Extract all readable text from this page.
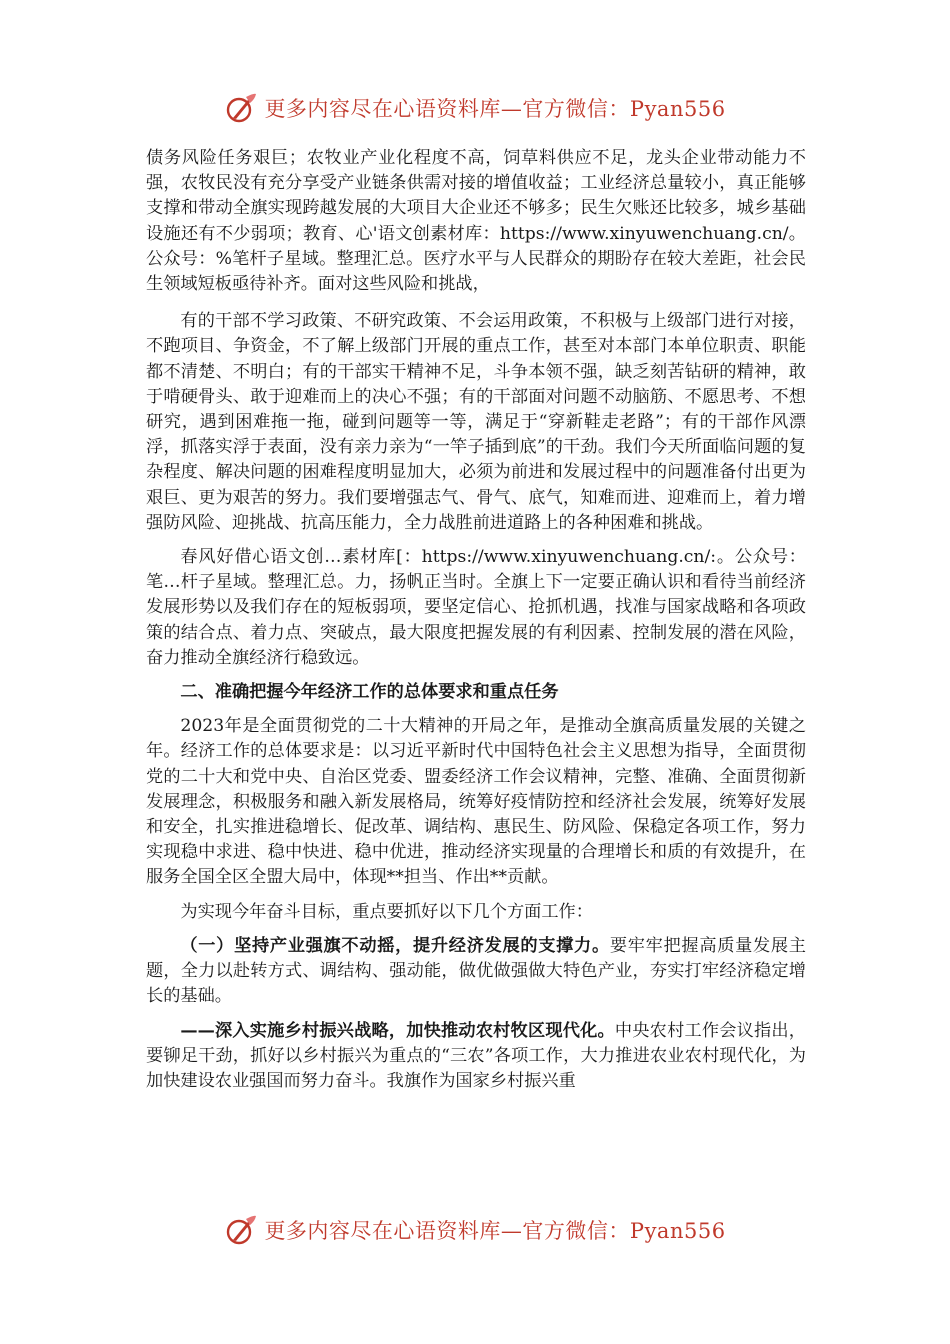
更多内容尽在心语资料库—官方微信：Pyan556

债务风险任务艰巨；农牧业产业化程度不高，饲草料供应不足，龙头企业带动能力不强，农牧民没有充分享受产业链条供需对接的增值收益；工业经济总量较小，真正能够支撑和带动全旗实现跨越发展的大项目大企业还不够多；民生欠账还比较多，城乡基础设施还有不少弱项；教育、心'语文创素材库：https://www.xinyuwenchuang.cn/。公众号：%笔杆子星域。整理汇总。医疗水平与人民群众的期盼存在较大差距，社会民生领域短板亟待补齐。面对这些风险和挑战，

有的干部不学习政策、不研究政策、不会运用政策，不积极与上级部门进行对接，不跑项目、争资金，不了解上级部门开展的重点工作，甚至对本部门本单位职责、职能都不清楚、不明白；有的干部实干精神不足，斗争本领不强，缺乏刻苦钻研的精神，敢于啃硬骨头、敢于迎难而上的决心不强；有的干部面对问题不动脑筋、不愿思考、不想研究，遇到困难拖一拖，碰到问题等一等，满足于“穿新鞋走老路”；有的干部作风漂浮，抓落实浮于表面，没有亲力亲为“一竿子插到底”的干劲。我们今天所面临问题的复杂程度、解决问题的困难程度明显加大，必须为前进和发展过程中的问题准备付出更为艰巨、更为艰苦的努力。我们要增强志气、骨气、底气，知难而进、迎难而上，着力增强防风险、迎挑战、抗高压能力，全力战胜前进道路上的各种困难和挑战。

春风好借心语文创…素材库[：https://www.xinyuwenchuang.cn/:。公众号：笔…杆子星域。整理汇总。力，扬帆正当时。全旗上下一定要正确认识和看待当前经济发展形势以及我们存在的短板弱项，要坚定信心、抢抓机遇，找准与国家战略和各项政策的结合点、着力点、突破点，最大限度把握发展的有利因素、控制发展的潜在风险，奋力推动全旗经济行稳致远。

二、准确把握今年经济工作的总体要求和重点任务

2023年是全面贯彻党的二十大精神的开局之年，是推动全旗高质量发展的关键之年。经济工作的总体要求是：以习近平新时代中国特色社会主义思想为指导，全面贯彻党的二十大和党中央、自治区党委、盟委经济工作会议精神，完整、准确、全面贯彻新发展理念，积极服务和融入新发展格局，统筹好疫情防控和经济社会发展，统筹好发展和安全，扎实推进稳增长、促改革、调结构、惠民生、防风险、保稳定各项工作，努力实现稳中求进、稳中快进、稳中优进，推动经济实现量的合理增长和质的有效提升，在服务全国全区全盟大局中，体现**担当、作出**贡献。

为实现今年奋斗目标，重点要抓好以下几个方面工作：

（一）坚持产业强旗不动摇，提升经济发展的支撑力。要牢牢把握高质量发展主题，全力以赴转方式、调结构、强动能，做优做强做大特色产业，夯实打牢经济稳定增长的基础。

——深入实施乡村振兴战略，加快推动农村牧区现代化。中央农村工作会议指出，要铆足干劲，抓好以乡村振兴为重点的“三农”各项工作，大力推进农业农村现代化，为加快建设农业强国而努力奋斗。我旗作为国家乡村振兴重

更多内容尽在心语资料库—官方微信：Pyan556
